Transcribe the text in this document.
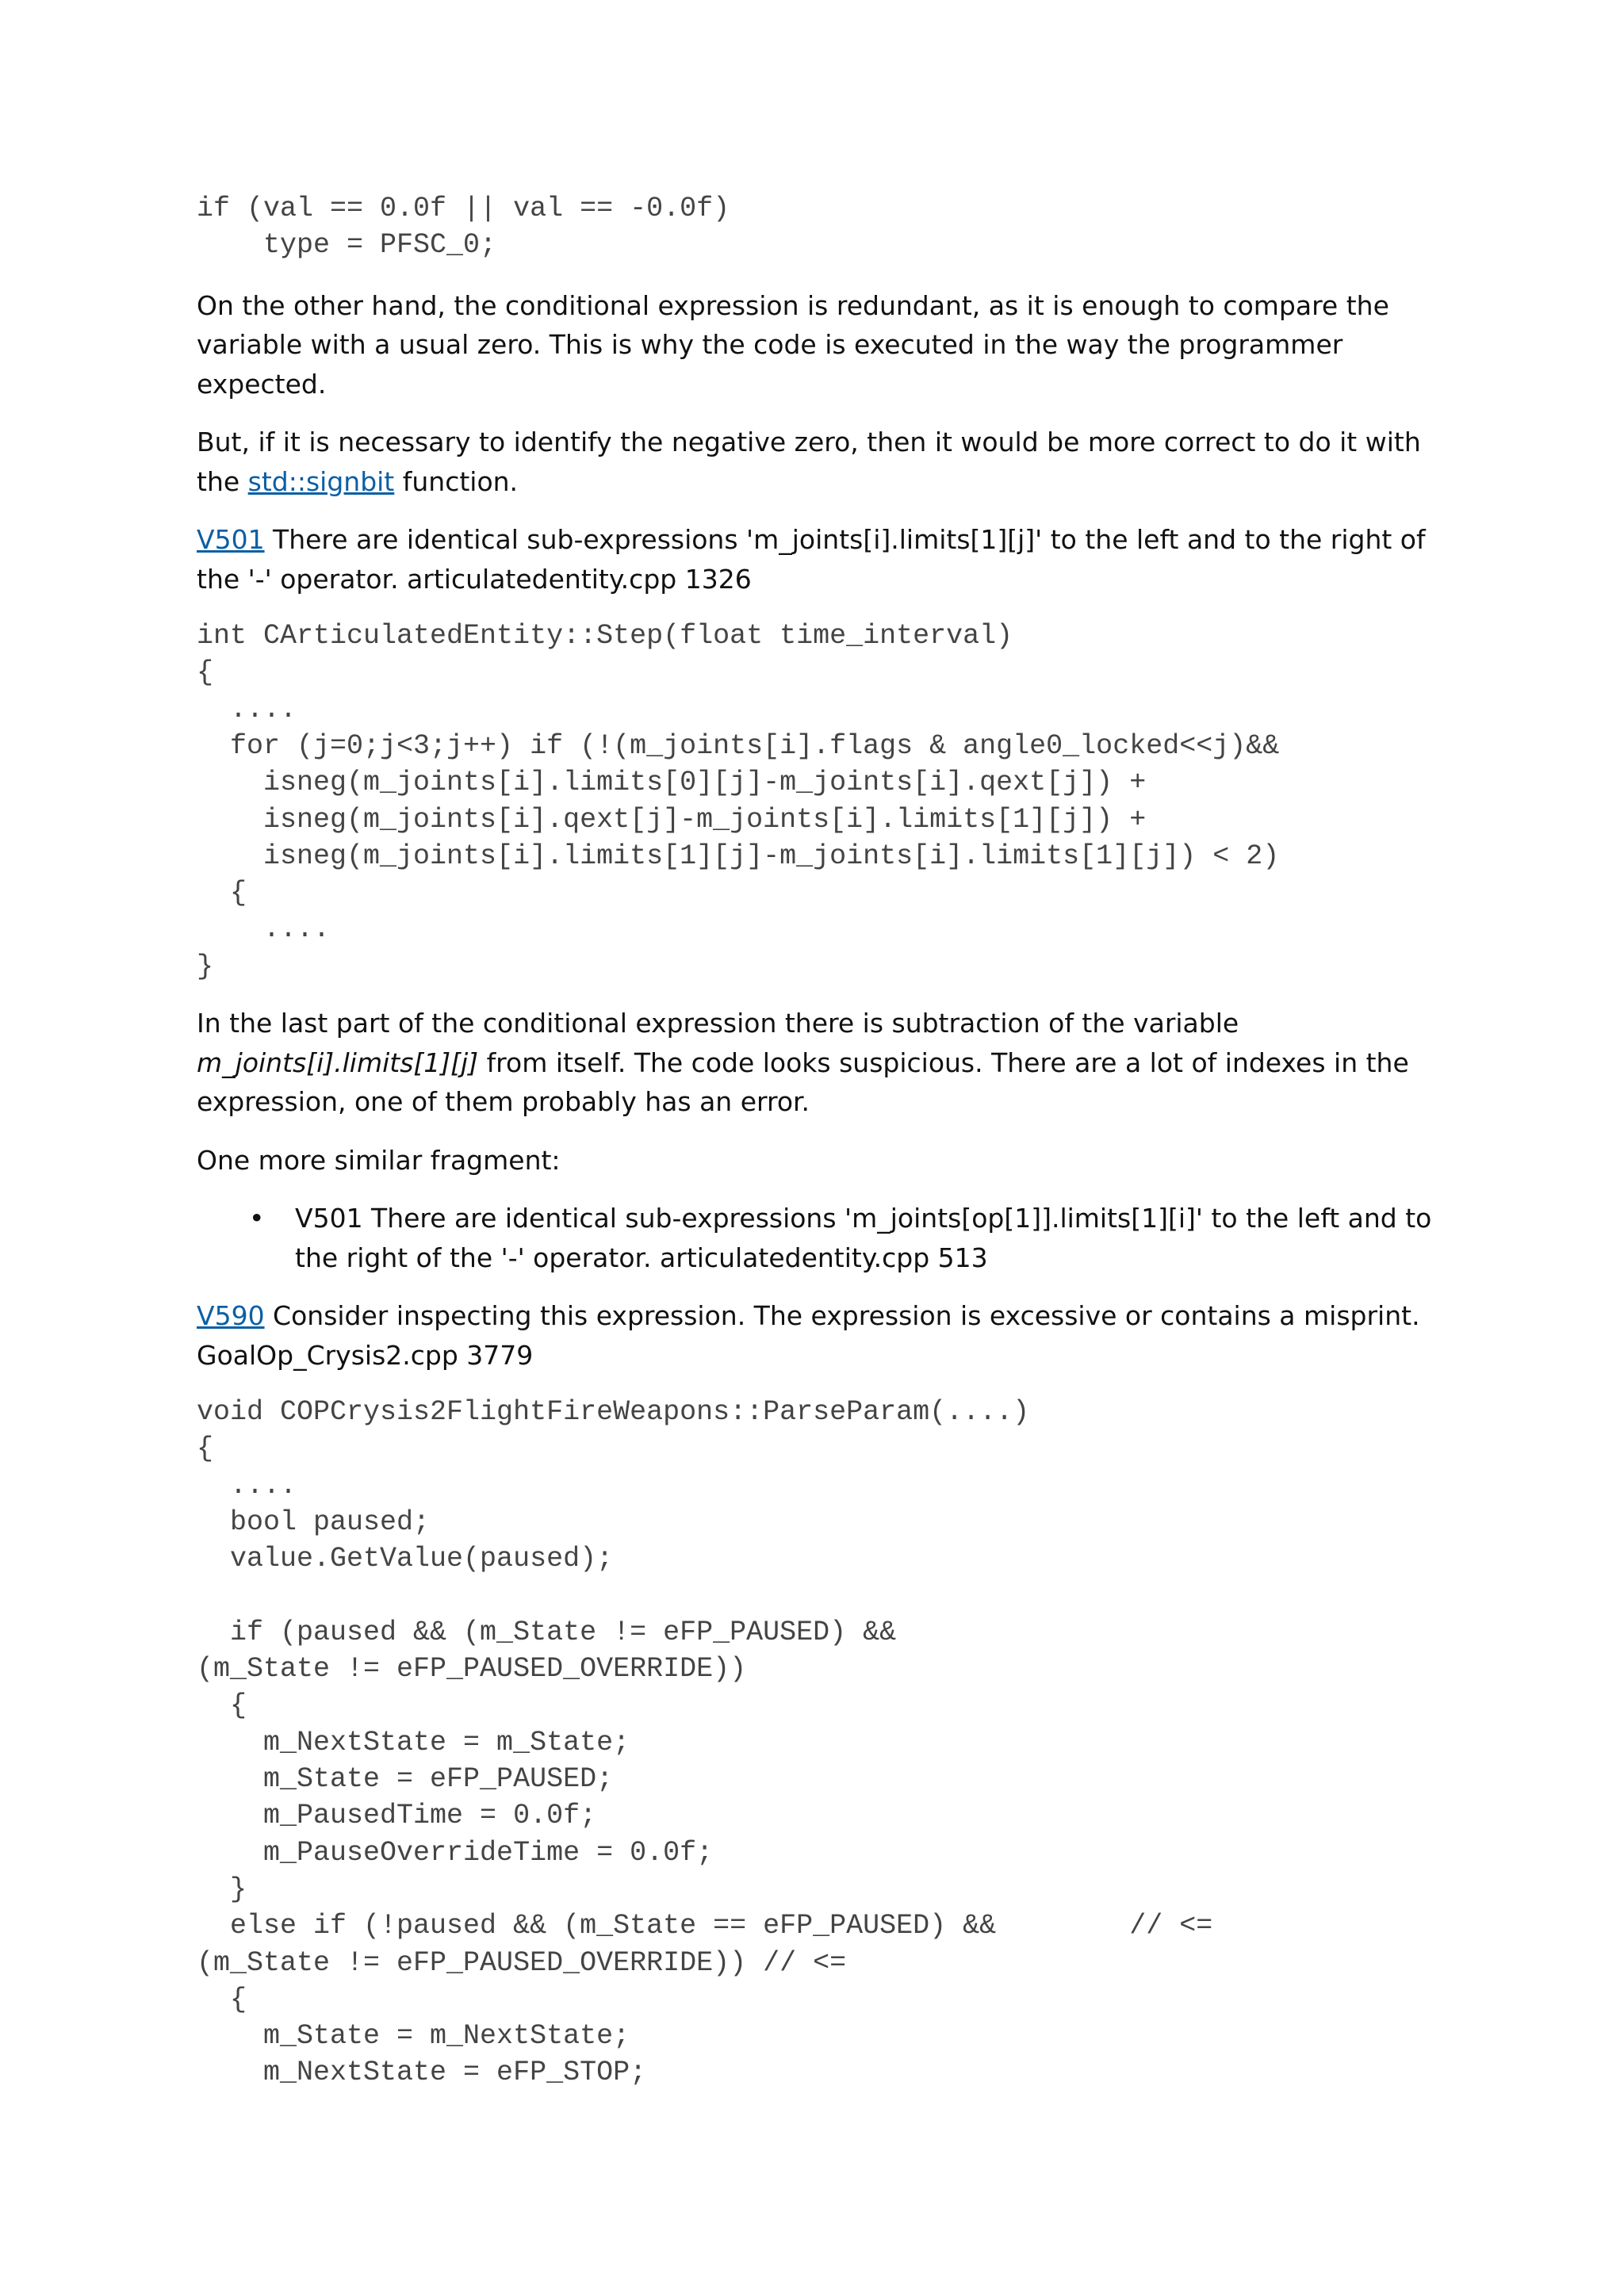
if (val == 0.0f || val == -0.0f)
type = PFSC_0;

On the other hand, the conditional expression is redundant, as it is enough to compare the variable with a usual zero. This is why the code is executed in the way the programmer expected.

But, if it is necessary to identify the negative zero, then it would be more correct to do it with the std::signbit function.

V501 There are identical sub-expressions 'm_joints[i].limits[1][j]' to the left and to the right of the '-' operator. articulatedentity.cpp 1326

int CArticulatedEntity::Step(float time_interval)
{
....
for (j=0;j<3;j++) if (!(m_joints[i].flags & angle0_locked<<j)&&
isneg(m_joints[i].limits[0][j]-m_joints[i].qext[j]) +
isneg(m_joints[i].qext[j]-m_joints[i].limits[1][j]) +
isneg(m_joints[i].limits[1][j]-m_joints[i].limits[1][j]) < 2)
{
....
}

In the last part of the conditional expression there is subtraction of the variable m_joints[i].limits[1][j] from itself. The code looks suspicious. There are a lot of indexes in the expression, one of them probably has an error.

One more similar fragment:

• V501 There are identical sub-expressions 'm_joints[op[1]].limits[1][i]' to the left and to the right of the '-' operator. articulatedentity.cpp 513

V590 Consider inspecting this expression. The expression is excessive or contains a misprint. GoalOp_Crysis2.cpp 3779

void COPCrysis2FlightFireWeapons::ParseParam(....)
{
....
bool paused;
value.GetValue(paused);

if (paused && (m_State != eFP_PAUSED) &&
(m_State != eFP_PAUSED_OVERRIDE))
{
m_NextState = m_State;
m_State = eFP_PAUSED;
m_PausedTime = 0.0f;
m_PauseOverrideTime = 0.0f;
}
else if (!paused && (m_State == eFP_PAUSED) &&        // <=
(m_State != eFP_PAUSED_OVERRIDE)) // <=
{
m_State = m_NextState;
m_NextState = eFP_STOP;
